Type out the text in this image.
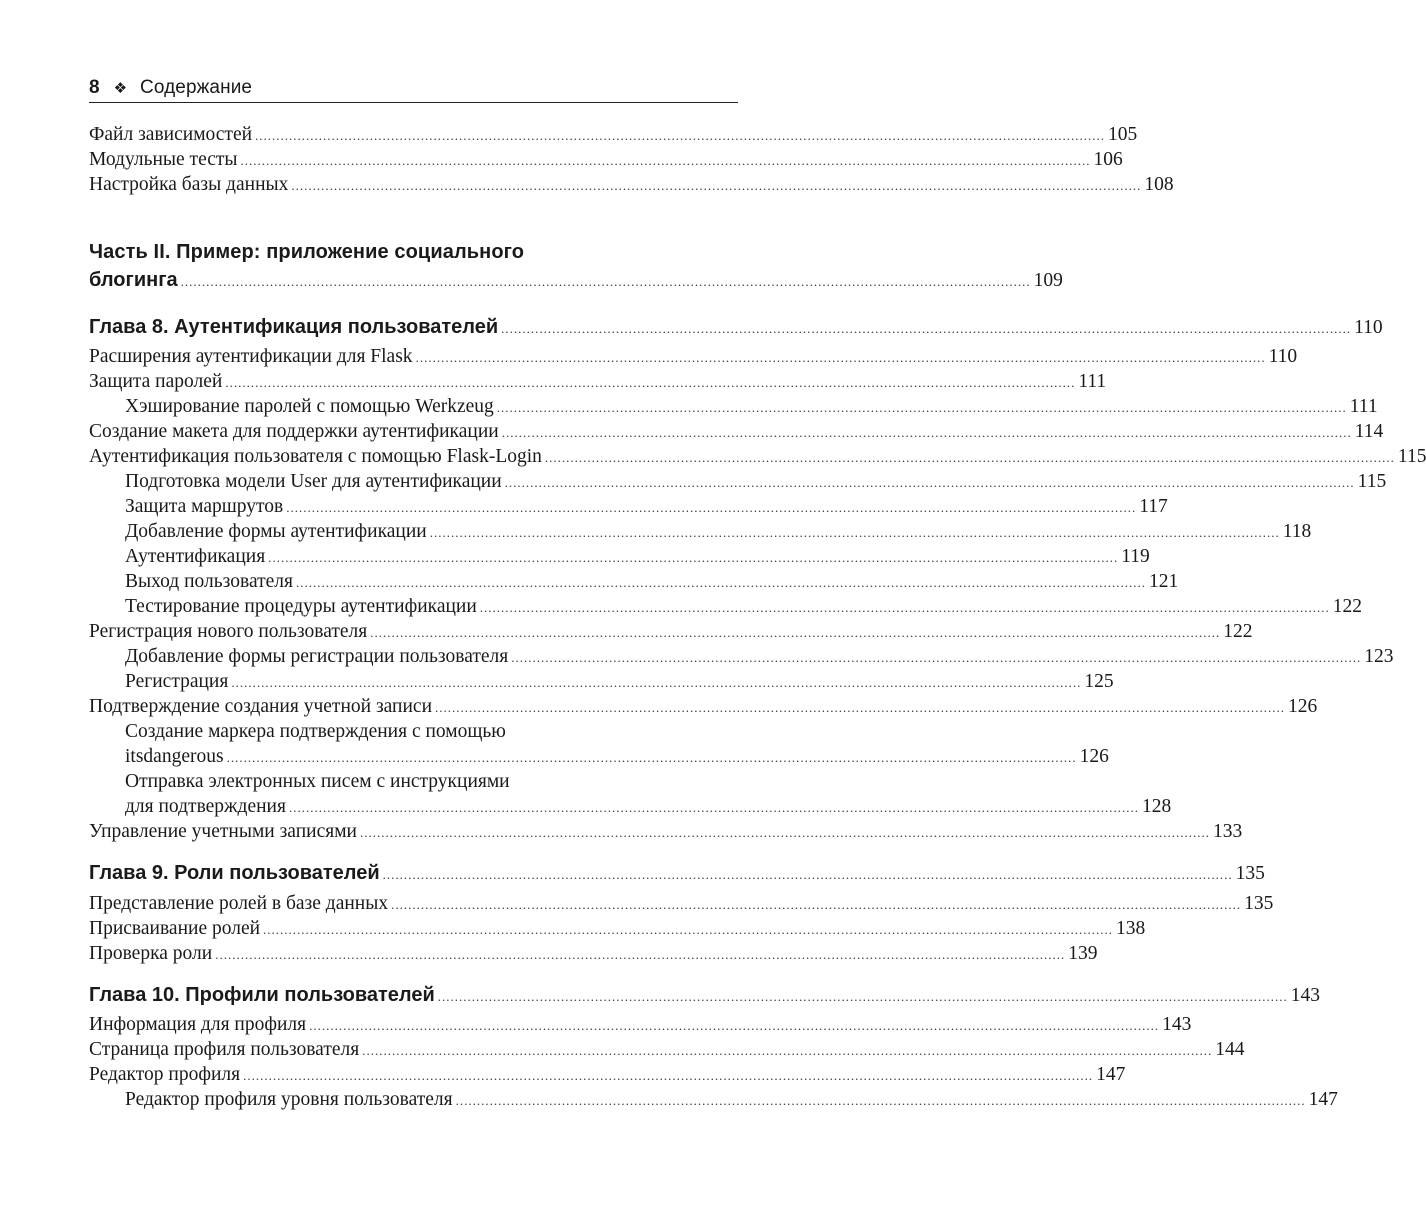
8 ❖ Содержание
Файл зависимостей ........................................................................................................................................................................................................ 105
Модульные тесты ........................................................................................................................................................................................................ 106
Настройка базы данных ........................................................................................................................................................................................................ 108
Часть II. Пример: приложение социального
блогинга ........................................................................................................................................................................................................ 109
Глава 8. Аутентификация пользователей ........................................................................................................................................................................................................ 110
Расширения аутентификации для Flask ........................................................................................................................................................................................................ 110
Защита паролей ........................................................................................................................................................................................................ 111
Хэширование паролей с помощью Werkzeug ........................................................................................................................................................................................................ 111
Создание макета для поддержки аутентификации ........................................................................................................................................................................................................ 114
Аутентификация пользователя с помощью Flask-Login ........................................................................................................................................................................................................ 115
Подготовка модели User для аутентификации ........................................................................................................................................................................................................ 115
Защита маршрутов ........................................................................................................................................................................................................ 117
Добавление формы аутентификации ........................................................................................................................................................................................................ 118
Аутентификация ........................................................................................................................................................................................................ 119
Выход пользователя ........................................................................................................................................................................................................ 121
Тестирование процедуры аутентификации ........................................................................................................................................................................................................ 122
Регистрация нового пользователя ........................................................................................................................................................................................................ 122
Добавление формы регистрации пользователя ........................................................................................................................................................................................................ 123
Регистрация ........................................................................................................................................................................................................ 125
Подтверждение создания учетной записи ........................................................................................................................................................................................................ 126
Создание маркера подтверждения с помощью
itsdangerous ........................................................................................................................................................................................................ 126
Отправка электронных писем с инструкциями
для подтверждения ........................................................................................................................................................................................................ 128
Управление учетными записями ........................................................................................................................................................................................................ 133
Глава 9. Роли пользователей ........................................................................................................................................................................................................ 135
Представление ролей в базе данных ........................................................................................................................................................................................................ 135
Присваивание ролей ........................................................................................................................................................................................................ 138
Проверка роли ........................................................................................................................................................................................................ 139
Глава 10. Профили пользователей ........................................................................................................................................................................................................ 143
Информация для профиля ........................................................................................................................................................................................................ 143
Страница профиля пользователя ........................................................................................................................................................................................................ 144
Редактор профиля ........................................................................................................................................................................................................ 147
Редактор профиля уровня пользователя ........................................................................................................................................................................................................ 147
